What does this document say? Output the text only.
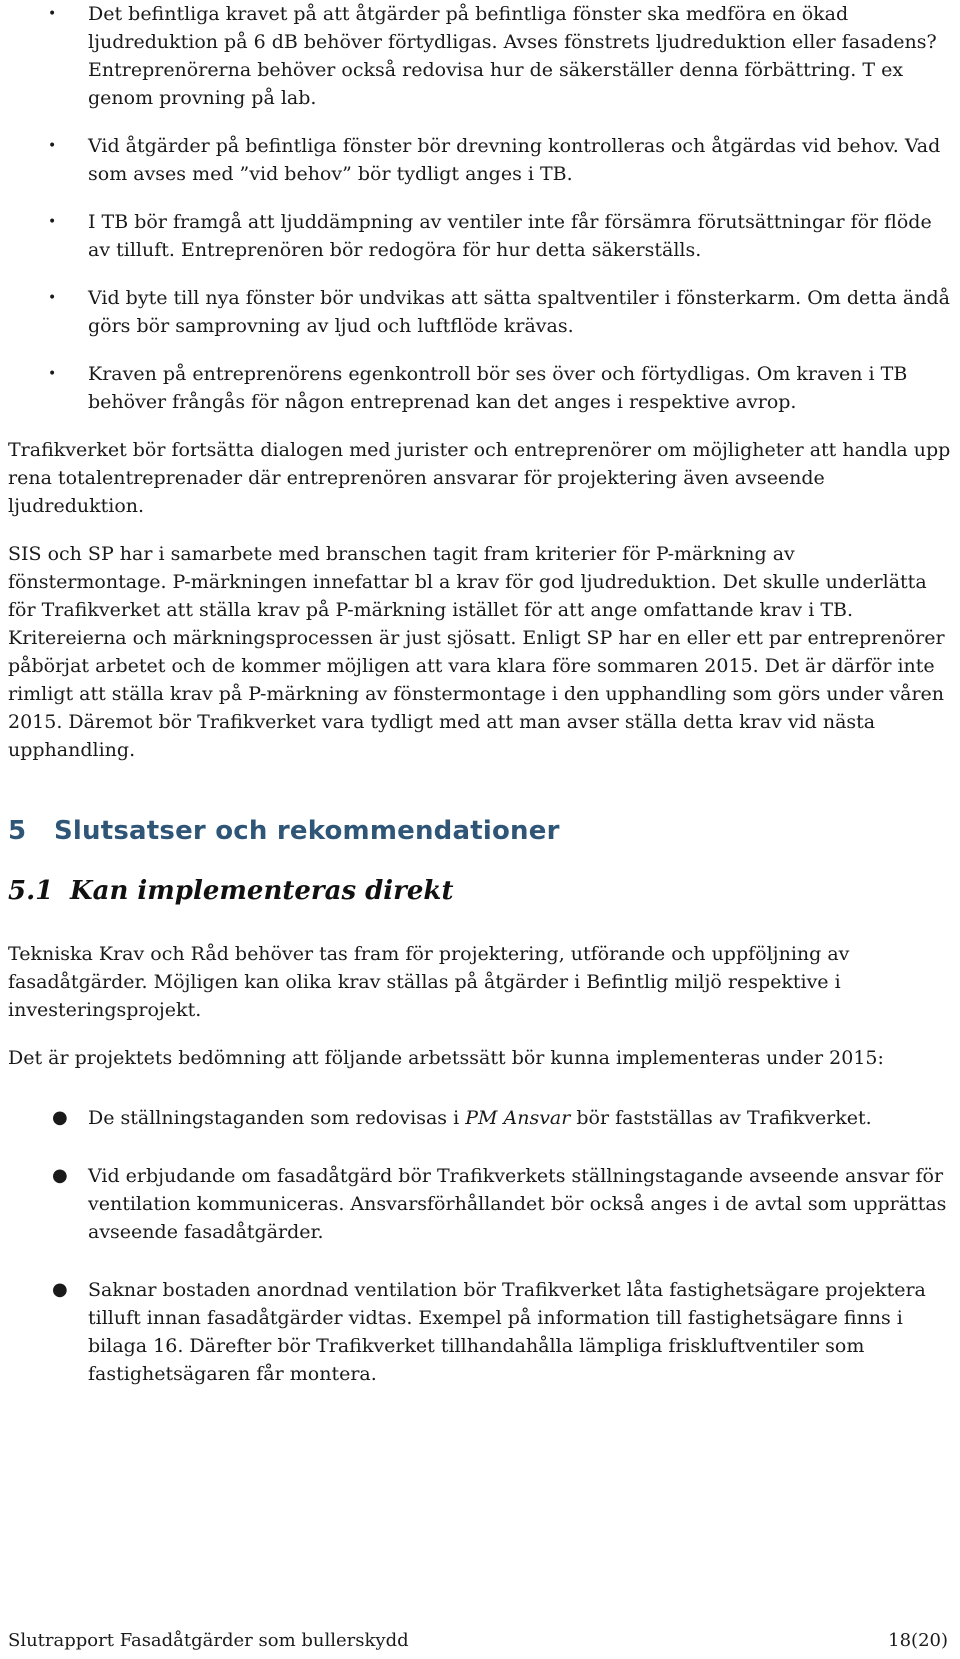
• Det befintliga kravet på att åtgärder på befintliga fönster ska medföra en ökad ljudreduktion på 6 dB behöver förtydligas. Avses fönstrets ljudreduktion eller fasadens? Entreprenörerna behöver också redovisa hur de säkerställer denna förbättring. T ex genom provning på lab.
• Vid åtgärder på befintliga fönster bör drevning kontrolleras och åtgärdas vid behov. Vad som avses med ”vid behov” bör tydligt anges i TB.
• I TB bör framgå att ljuddämpning av ventiler inte får försämra förutsättningar för flöde av tilluft. Entreprenören bör redogöra för hur detta säkerställs.
• Vid byte till nya fönster bör undvikas att sätta spaltventiler i fönsterkarm. Om detta ändå görs bör samprovning av ljud och luftflöde krävas.
• Kraven på entreprenörens egenkontroll bör ses över och förtydligas. Om kraven i TB behöver frångås för någon entreprenad kan det anges i respektive avrop.

Trafikverket bör fortsätta dialogen med jurister och entreprenörer om möjligheter att handla upp rena totalentreprenader där entreprenören ansvarar för projektering även avseende ljudreduktion.

SIS och SP har i samarbete med branschen tagit fram kriterier för P-märkning av fönstermontage. P-märkningen innefattar bl a krav för god ljudreduktion. Det skulle underlätta för Trafikverket att ställa krav på P-märkning istället för att ange omfattande krav i TB. Kritereierna och märkningsprocessen är just sjösatt. Enligt SP har en eller ett par entreprenörer påbörjat arbetet och de kommer möjligen att vara klara före sommaren 2015. Det är därför inte rimligt att ställa krav på P-märkning av fönstermontage i den upphandling som görs under våren 2015. Däremot bör Trafikverket vara tydligt med att man avser ställa detta krav vid nästa upphandling.

5 Slutsatser och rekommendationer
5.1 Kan implementeras direkt

Tekniska Krav och Råd behöver tas fram för projektering, utförande och uppföljning av fasadåtgärder. Möjligen kan olika krav ställas på åtgärder i Befintlig miljö respektive i investeringsprojekt.

Det är projektets bedömning att följande arbetssätt bör kunna implementeras under 2015:

● De ställningstaganden som redovisas i PM Ansvar bör fastställas av Trafikverket.
● Vid erbjudande om fasadåtgärd bör Trafikverkets ställningstagande avseende ansvar för ventilation kommuniceras. Ansvarsförhållandet bör också anges i de avtal som upprättas avseende fasadåtgärder.
● Saknar bostaden anordnad ventilation bör Trafikverket låta fastighetsägare projektera tilluft innan fasadåtgärder vidtas. Exempel på information till fastighetsägare finns i bilaga 16. Därefter bör Trafikverket tillhandahålla lämpliga friskluftventiler som fastighetsägaren får montera.
Slutrapport Fasadåtgärder som bullerskydd	18(20)
